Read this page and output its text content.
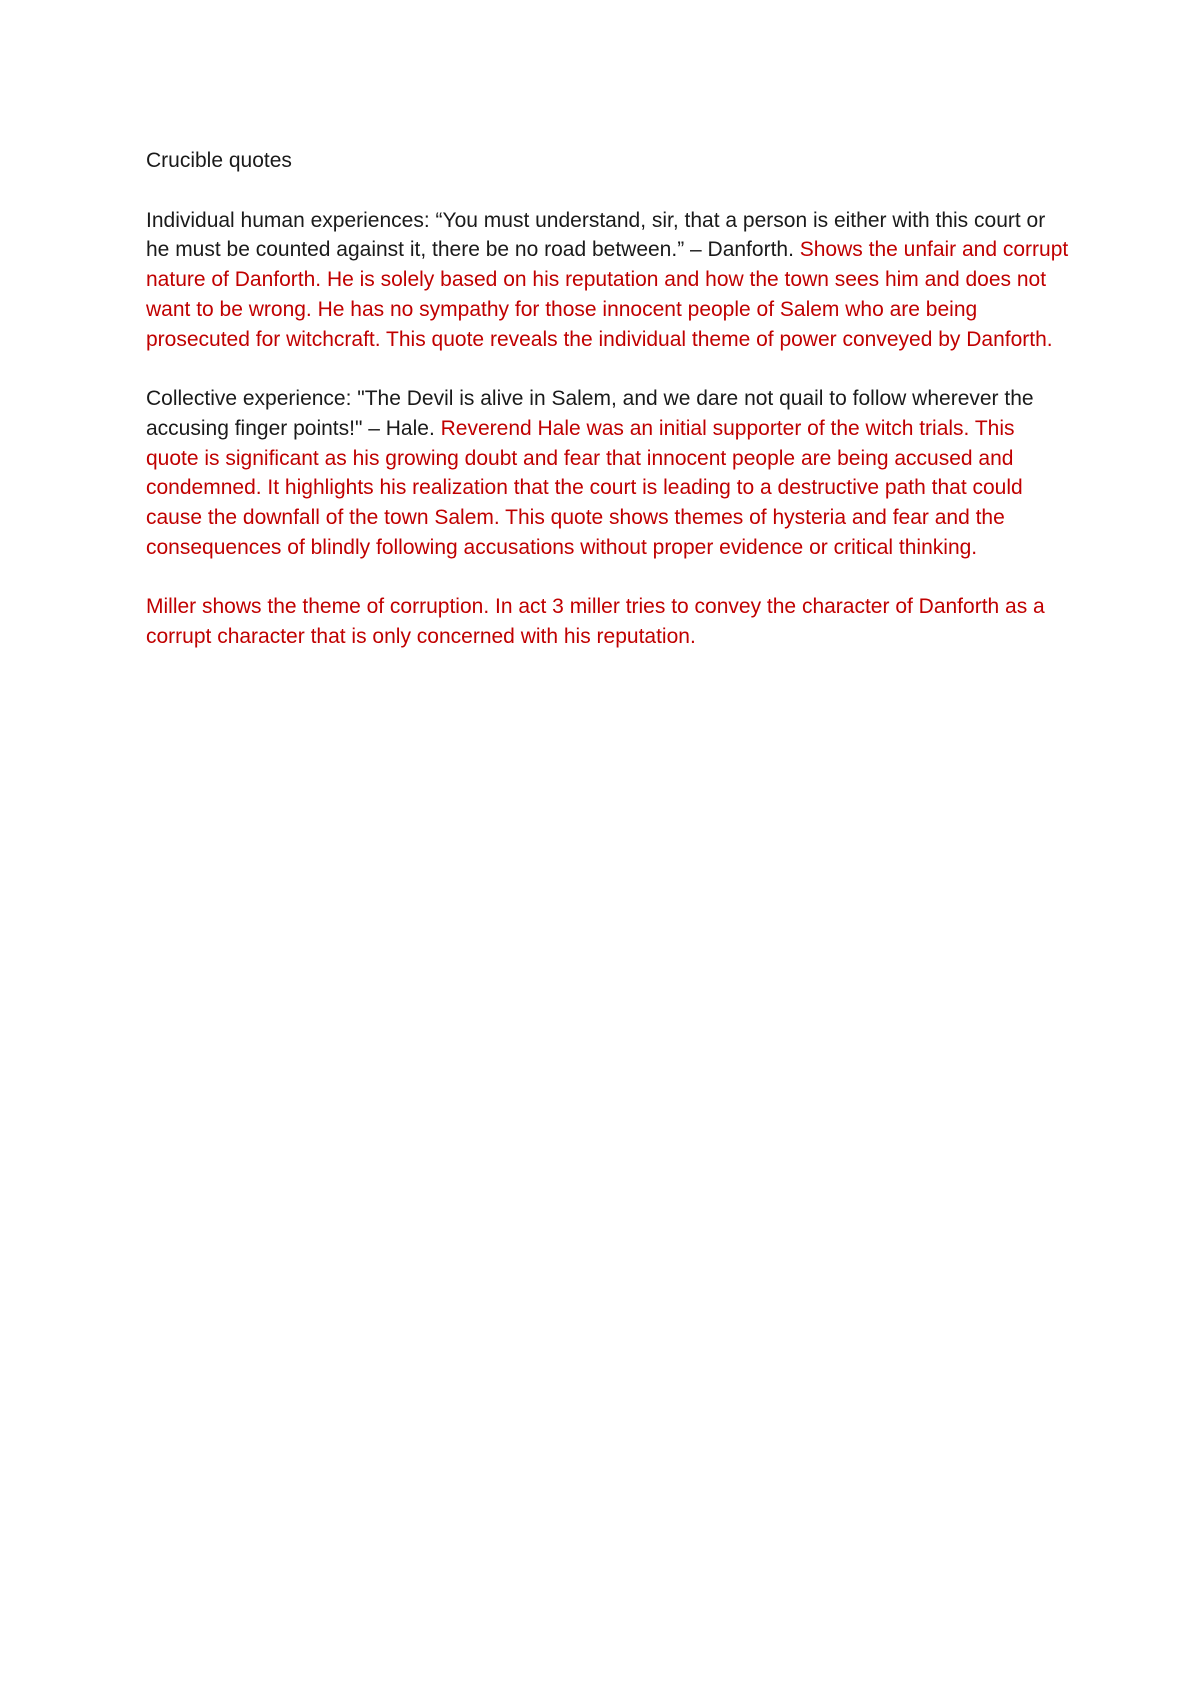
Crucible quotes

Individual human experiences: “You must understand, sir, that a person is either with this court or he must be counted against it, there be no road between.” – Danforth. Shows the unfair and corrupt nature of Danforth. He is solely based on his reputation and how the town sees him and does not want to be wrong. He has no sympathy for those innocent people of Salem who are being prosecuted for witchcraft. This quote reveals the individual theme of power conveyed by Danforth.

Collective experience: "The Devil is alive in Salem, and we dare not quail to follow wherever the accusing finger points!" – Hale. Reverend Hale was an initial supporter of the witch trials. This quote is significant as his growing doubt and fear that innocent people are being accused and condemned. It highlights his realization that the court is leading to a destructive path that could cause the downfall of the town Salem. This quote shows themes of hysteria and fear and the consequences of blindly following accusations without proper evidence or critical thinking.

Miller shows the theme of corruption. In act 3 miller tries to convey the character of Danforth as a corrupt character that is only concerned with his reputation.
